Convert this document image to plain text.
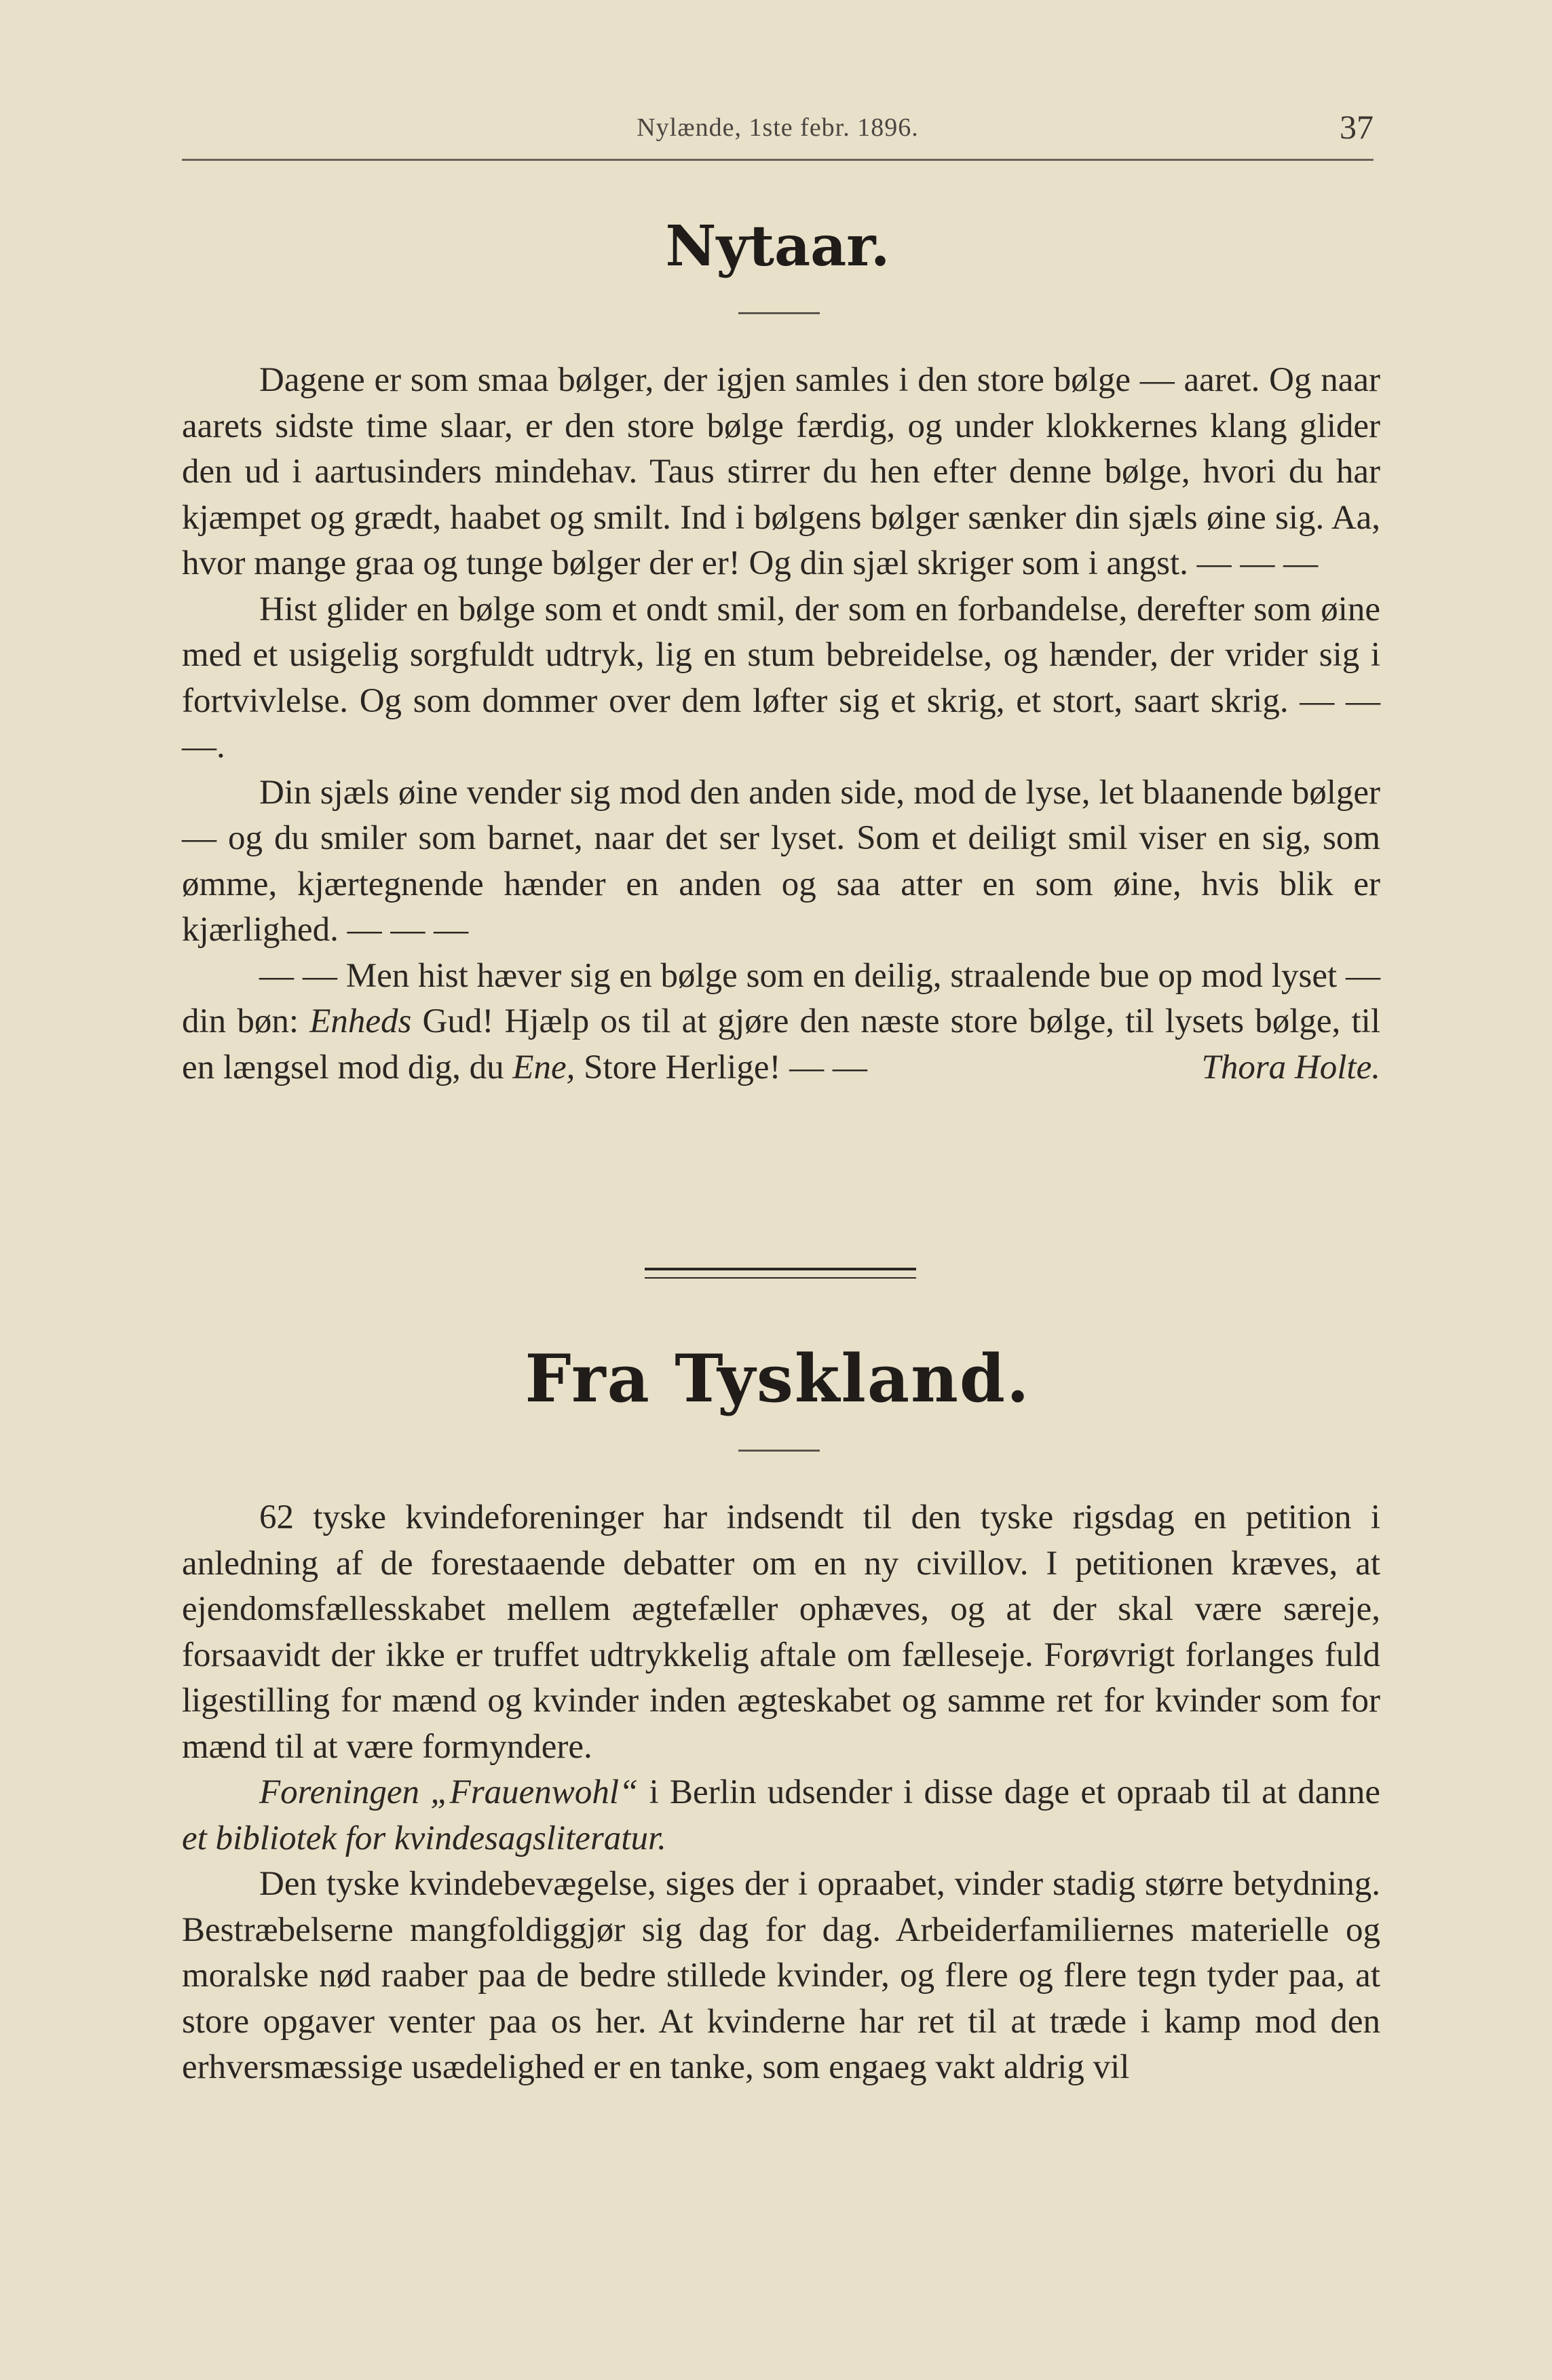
Nylænde, 1ste febr. 1896.	37
Nytaar.

Dagene er som smaa bølger, der igjen samles i den store bølge — aaret. Og naar aarets sidste time slaar, er den store bølge færdig, og under klokkernes klang glider den ud i aartusinders mindehav. Taus stirrer du hen efter denne bølge, hvori du har kjæmpet og grædt, haabet og smilt. Ind i bølgens bølger sænker din sjæls øine sig. Aa, hvor mange graa og tunge bølger der er! Og din sjæl skriger som i angst. — — —

Hist glider en bølge som et ondt smil, der som en forbandelse, derefter som øine med et usigelig sorgfuldt udtryk, lig en stum bebreidelse, og hænder, der vrider sig i fortvivlelse. Og som dommer over dem løfter sig et skrig, et stort, saart skrig. — — —.

Din sjæls øine vender sig mod den anden side, mod de lyse, let blaanende bølger — og du smiler som barnet, naar det ser lyset. Som et deiligt smil viser en sig, som ømme, kjærtegnende hænder en anden og saa atter en som øine, hvis blik er kjærlighed. — — —

— — Men hist hæver sig en bølge som en deilig, straalende bue op mod lyset — din bøn: Enheds Gud! Hjælp os til at gjøre den næste store bølge, til lysets bølge, til en længsel mod dig, du Ene, Store Herlige! — —	Thora Holte.

Fra Tyskland.

62 tyske kvindeforeninger har indsendt til den tyske rigsdag en petition i anledning af de forestaaende debatter om en ny civillov. I petitionen kræves, at ejendomsfællesskabet mellem ægtefæller ophæves, og at der skal være særeje, forsaavidt der ikke er truffet udtrykkelig aftale om fælleseje. Forøvrigt forlanges fuld ligestilling for mænd og kvinder inden ægteskabet og samme ret for kvinder som for mænd til at være formyndere.

Foreningen „Frauenwohl“ i Berlin udsender i disse dage et opraab til at danne et bibliotek for kvindesagsliteratur.

Den tyske kvindebevægelse, siges der i opraabet, vinder stadig større betydning. Bestræbelserne mangfoldiggjør sig dag for dag. Arbeiderfamiliernes materielle og moralske nød raaber paa de bedre stillede kvinder, og flere og flere tegn tyder paa, at store opgaver venter paa os her. At kvinderne har ret til at træde i kamp mod den erhversmæssige usædelighed er en tanke, som engaeg vakt aldrig vil
